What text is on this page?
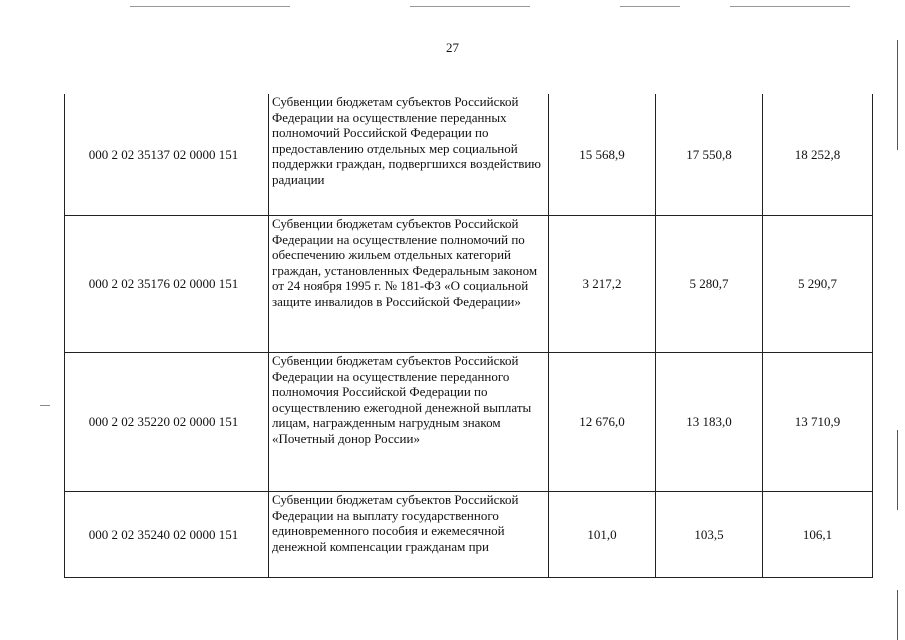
27
000 2 02 35137 02 0000 151	Субвенции бюджетам субъектов Российской Федерации на осуществление переданных полномочий Российской Федерации по предоставлению отдельных мер социальной поддержки граждан, подвергшихся воздействию радиации	15 568,9	17 550,8	18 252,8
000 2 02 35176 02 0000 151	Субвенции бюджетам субъектов Российской Федерации на осуществление полномочий по обеспечению жильем отдельных категорий граждан, установленных Федеральным законом от 24 ноября 1995 г. № 181-ФЗ «О социальной защите инвалидов в Российской Федерации»	3 217,2	5 280,7	5 290,7
000 2 02 35220 02 0000 151	Субвенции бюджетам субъектов Российской Федерации на осуществление переданного полномочия Российской Федерации по осуществлению ежегодной денежной выплаты лицам, награжденным нагрудным знаком «Почетный донор России»	12 676,0	13 183,0	13 710,9
000 2 02 35240 02 0000 151	Субвенции бюджетам субъектов Российской Федерации на выплату государственного единовременного пособия и ежемесячной денежной компенсации гражданам при	101,0	103,5	106,1
